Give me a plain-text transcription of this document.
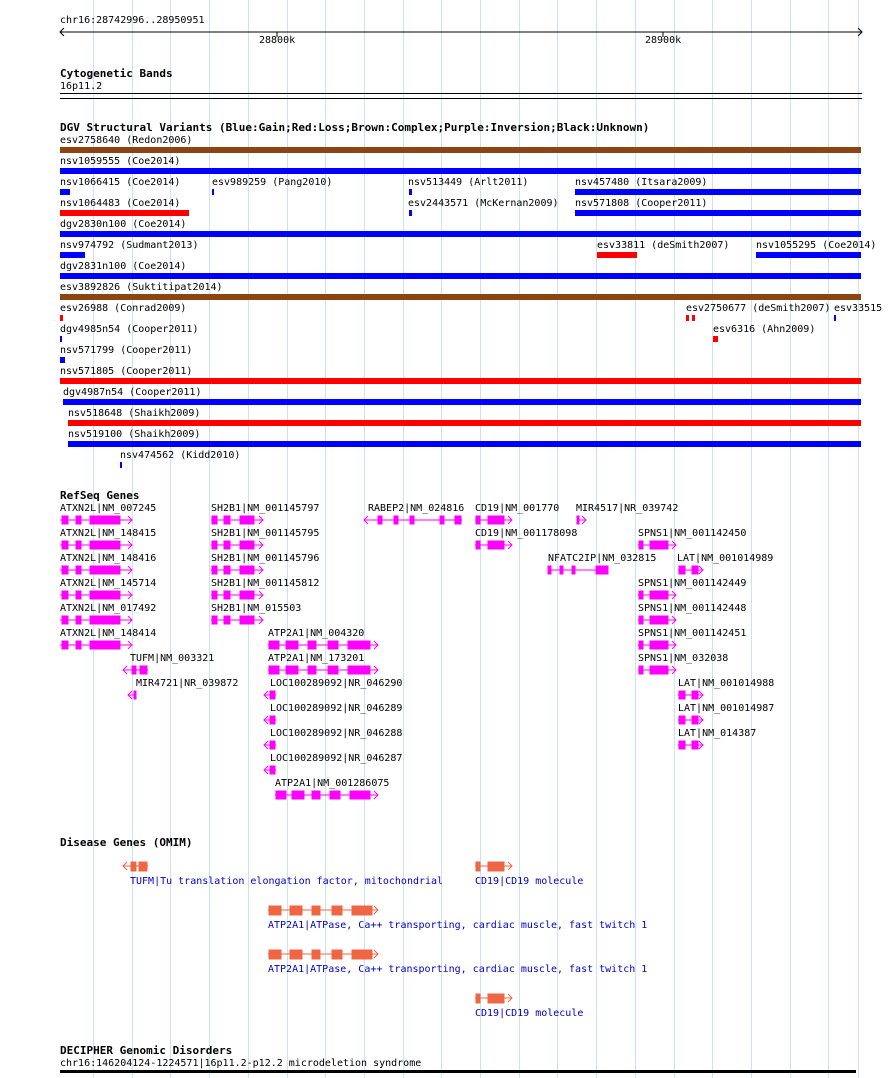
chr16:28742996..28950951
28800k	28900k
Cytogenetic Bands
16p11.2
DGV Structural Variants (Blue:Gain;Red:Loss;Brown:Complex;Purple:Inversion;Black:Unknown)
esv2758640 (Redon2006)
nsv1059555 (Coe2014)
nsv1066415 (Coe2014)	esv989259 (Pang2010)	nsv513449 (Arlt2011)	nsv457480 (Itsara2009)
nsv1064483 (Coe2014)	esv2443571 (McKernan2009) nsv571808 (Cooper2011)
dgv2830n100 (Coe2014)
nsv974792 (Sudmant2013)	esv33811 (deSmith2007)	nsv1055295 (Coe2014)
dgv2831n100 (Coe2014)
esv3892826 (Suktitipat2014)
esv26988 (Conrad2009)	esv2750677 (deSmith2007) esv33515
dgv4985n54 (Cooper2011)	esv6316 (Ahn2009)
nsv571799 (Cooper2011)
nsv571805 (Cooper2011)
dgv4987n54 (Cooper2011)
nsv518648 (Shaikh2009)
nsv519100 (Shaikh2009)
nsv474562 (Kidd2010)
RefSeq Genes
ATXN2L|NM_007245
ATXN2L|NM_148415
ATXN2L|NM_148416
ATXN2L|NM_145714
ATXN2L|NM_017492
ATXN2L|NM_148414
SH2B1|NM_001145797
SH2B1|NM_001145795
SH2B1|NM_001145796
SH2B1|NM_001145812
SH2B1|NM_015503
RABEP2|NM_024816 CD19|NM_001770
CD19|NM_001178098
MIR4517|NR_039742
SPNS1|NM_001142450
NFATC2IP|NM_032815 LAT|NM_001014989
SPNS1|NM_001142449
SPNS1|NM_001142448
ATP2A1|NM_004320	SPNS1|NM_001142451
TUFM|NM_003321	ATP2A1|NM_173201	SPNS1|NM_032038
MIR4721|NR_039872	LOC100289092|NR_046290	LAT|NM_001014988
LOC100289092|NR_046289	LAT|NM_001014987
LOC100289092|NR_046288	LAT|NM_014387
LOC100289092|NR_046287
ATP2A1|NM_001286075
Disease Genes (OMIM)
TUFM|Tu translation elongation factor, mitochondrial	CD19|CD19 molecule
ATP2A1|ATPase, Ca++ transporting, cardiac muscle, fast twitch 1
ATP2A1|ATPase, Ca++ transporting, cardiac muscle, fast twitch 1
CD19|CD19 molecule
DECIPHER Genomic Disorders
chr16:146204124-1224571|16p11.2-p12.2 microdeletion syndrome
